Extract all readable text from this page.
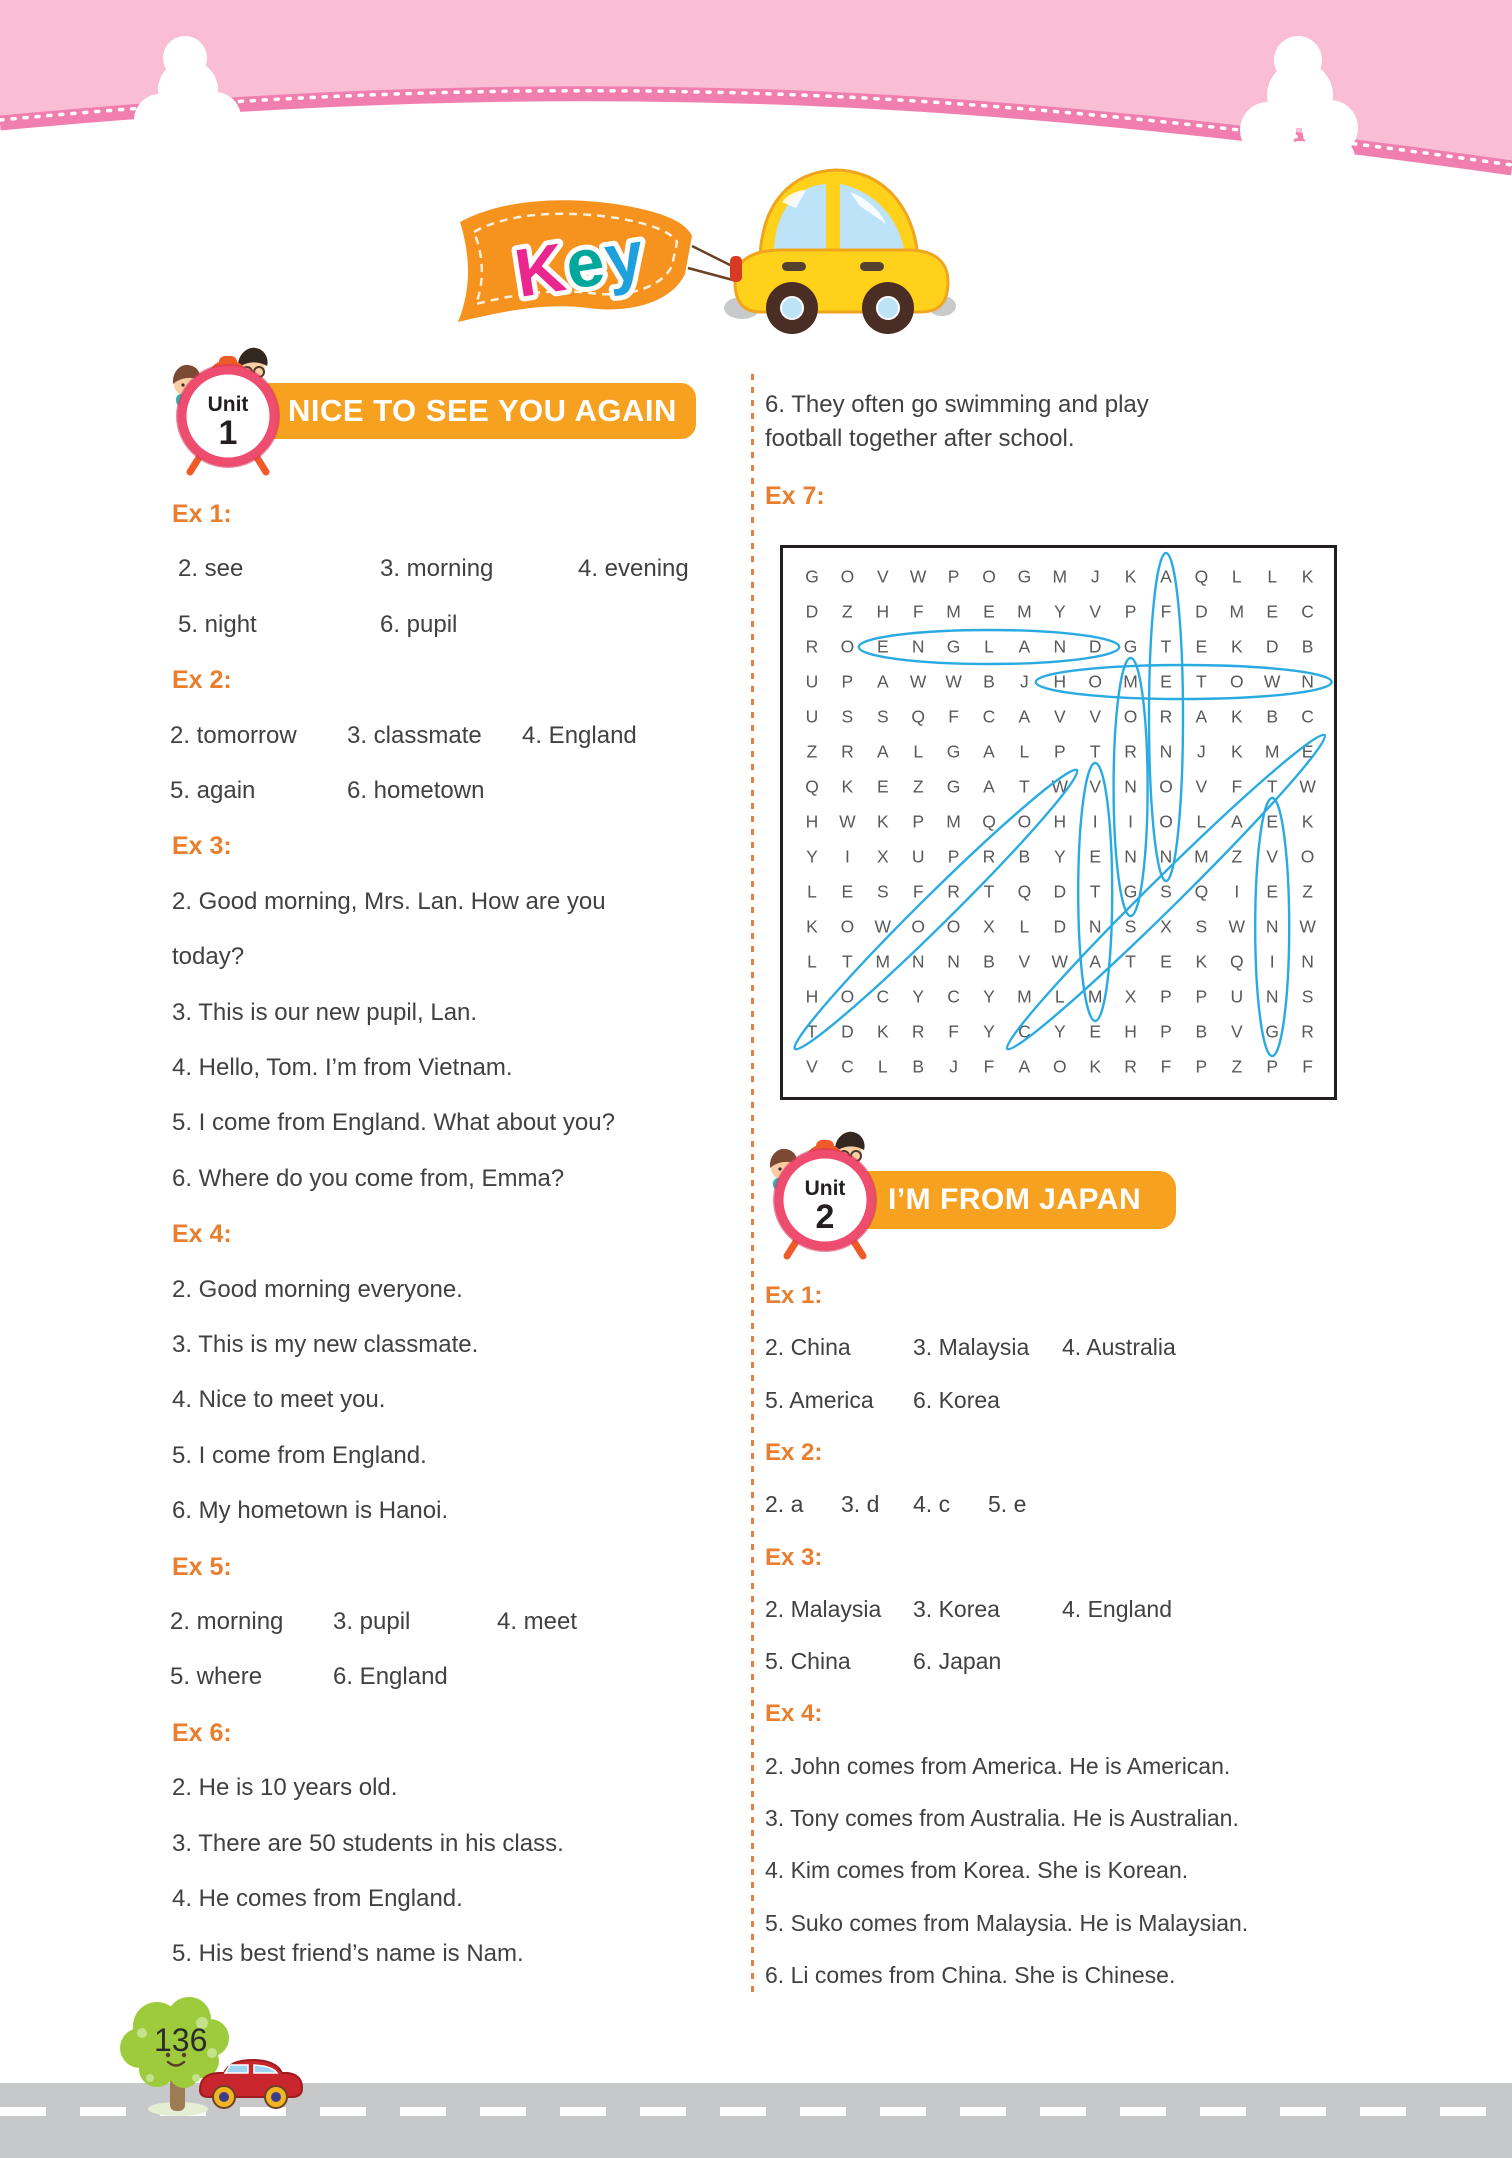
Key
NICE TO SEE YOU AGAIN
Unit
1
I’M FROM JAPAN
Unit
2
Ex 1:
2. see	3. morning	4. evening
5. night	6. pupil
Ex 2:
2. tomorrow 3. classmate 4. England
5. again	6. hometown
Ex 3:
2. Good morning, Mrs. Lan. How are you
today?
3. This is our new pupil, Lan.
4. Hello, Tom. I’m from Vietnam.
5. I come from England. What about you?
6. Where do you come from, Emma?
Ex 4:
2. Good morning everyone.
3. This is my new classmate.
4. Nice to meet you.
5. I come from England.
6. My hometown is Hanoi.
Ex 5:
2. morning 3. pupil	4. meet
5. where	6. England
Ex 6:
2. He is 10 years old.
3. There are 50 students in his class.
4. He comes from England.
5. His best friend’s name is Nam.
6. They often go swimming and play
football together after school.
Ex 7:
Ex 1:
2. China	3. Malaysia 4. Australia
5. America 6. Korea
Ex 2:
2. a 3. d 4. c 5. e
Ex 3:
2. Malaysia 3. Korea	4. England
5. China	6. Japan
Ex 4:
2. John comes from America. He is American.
3. Tony comes from Australia. He is Australian.
4. Kim comes from Korea. She is Korean.
5. Suko comes from Malaysia. He is Malaysian.
6. Li comes from China. She is Chinese.
G O V W P O G M J K A Q L L K
D Z H F M E M Y V P F D M E C
R O E N G L A N D G T E K D B
U P A W W B J H O M E T O W N
U S S Q F C A V V O R A K B C
Z R A L G A L P T R N J K M E
Q K E Z G A T W V N O V F T W
H W K P M Q O H I I O L A E K
Y I X U P R B Y E N N M Z V O
L E S F R T Q D T G S Q I E Z
K O W O O X L D N S X S W N W
L T M N N B V W A T E K Q I N
H O C Y C Y M L M X P P U N S
T D K R F Y C Y E H P B V G R
V C L B J F A O K R F P Z P F
136
